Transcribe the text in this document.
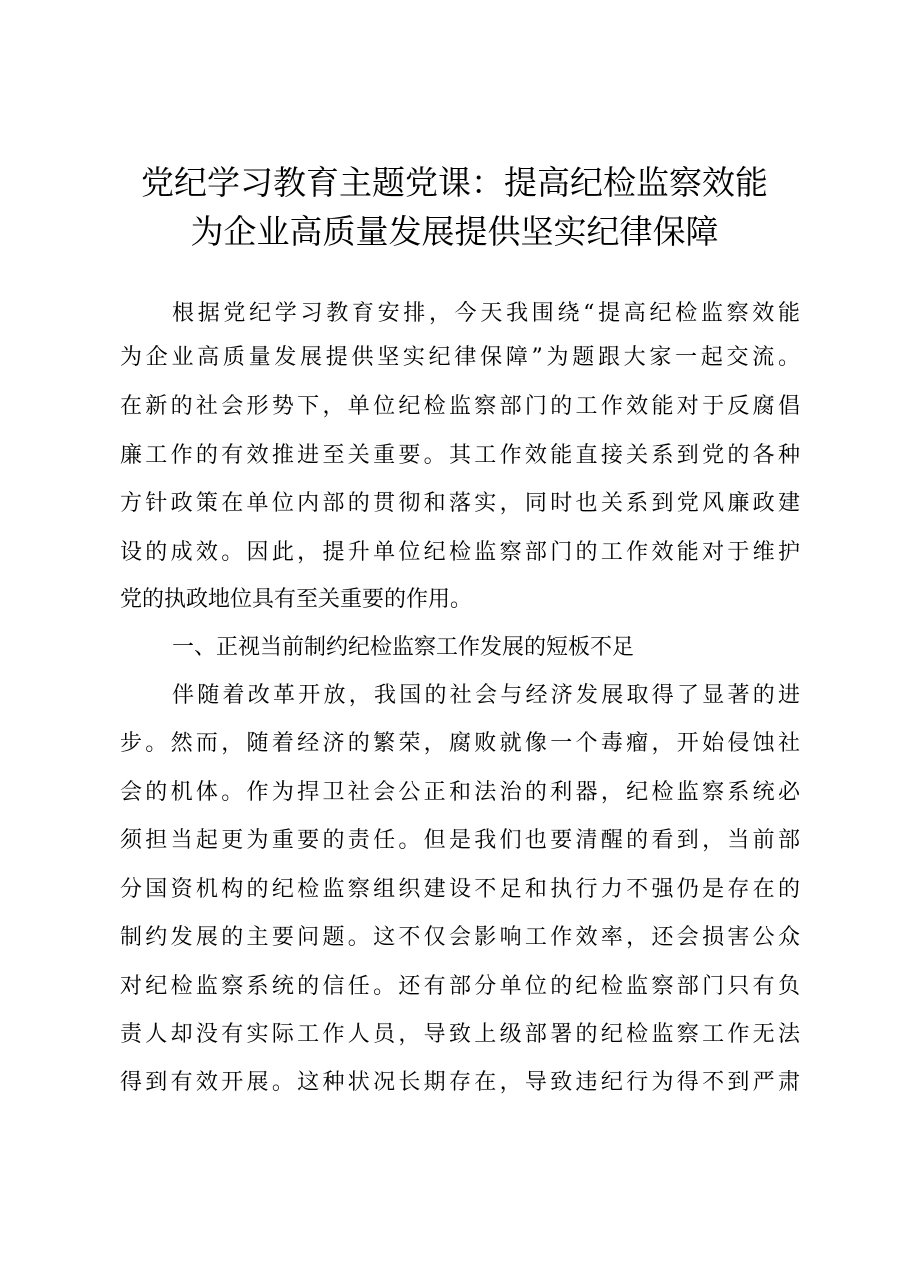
党纪学习教育主题党课：提高纪检监察效能
为企业高质量发展提供坚实纪律保障
根据党纪学习教育安排，今天我围绕“提高纪检监察效能
为企业高质量发展提供坚实纪律保障”为题跟大家一起交流。
在新的社会形势下，单位纪检监察部门的工作效能对于反腐倡
廉工作的有效推进至关重要。其工作效能直接关系到党的各种
方针政策在单位内部的贯彻和落实，同时也关系到党风廉政建
设的成效。因此，提升单位纪检监察部门的工作效能对于维护
党的执政地位具有至关重要的作用。
一、正视当前制约纪检监察工作发展的短板不足
伴随着改革开放，我国的社会与经济发展取得了显著的进
步。然而，随着经济的繁荣，腐败就像一个毒瘤，开始侵蚀社
会的机体。作为捍卫社会公正和法治的利器，纪检监察系统必
须担当起更为重要的责任。但是我们也要清醒的看到，当前部
分国资机构的纪检监察组织建设不足和执行力不强仍是存在的
制约发展的主要问题。这不仅会影响工作效率，还会损害公众
对纪检监察系统的信任。还有部分单位的纪检监察部门只有负
责人却没有实际工作人员，导致上级部署的纪检监察工作无法
得到有效开展。这种状况长期存在，导致违纪行为得不到严肃
